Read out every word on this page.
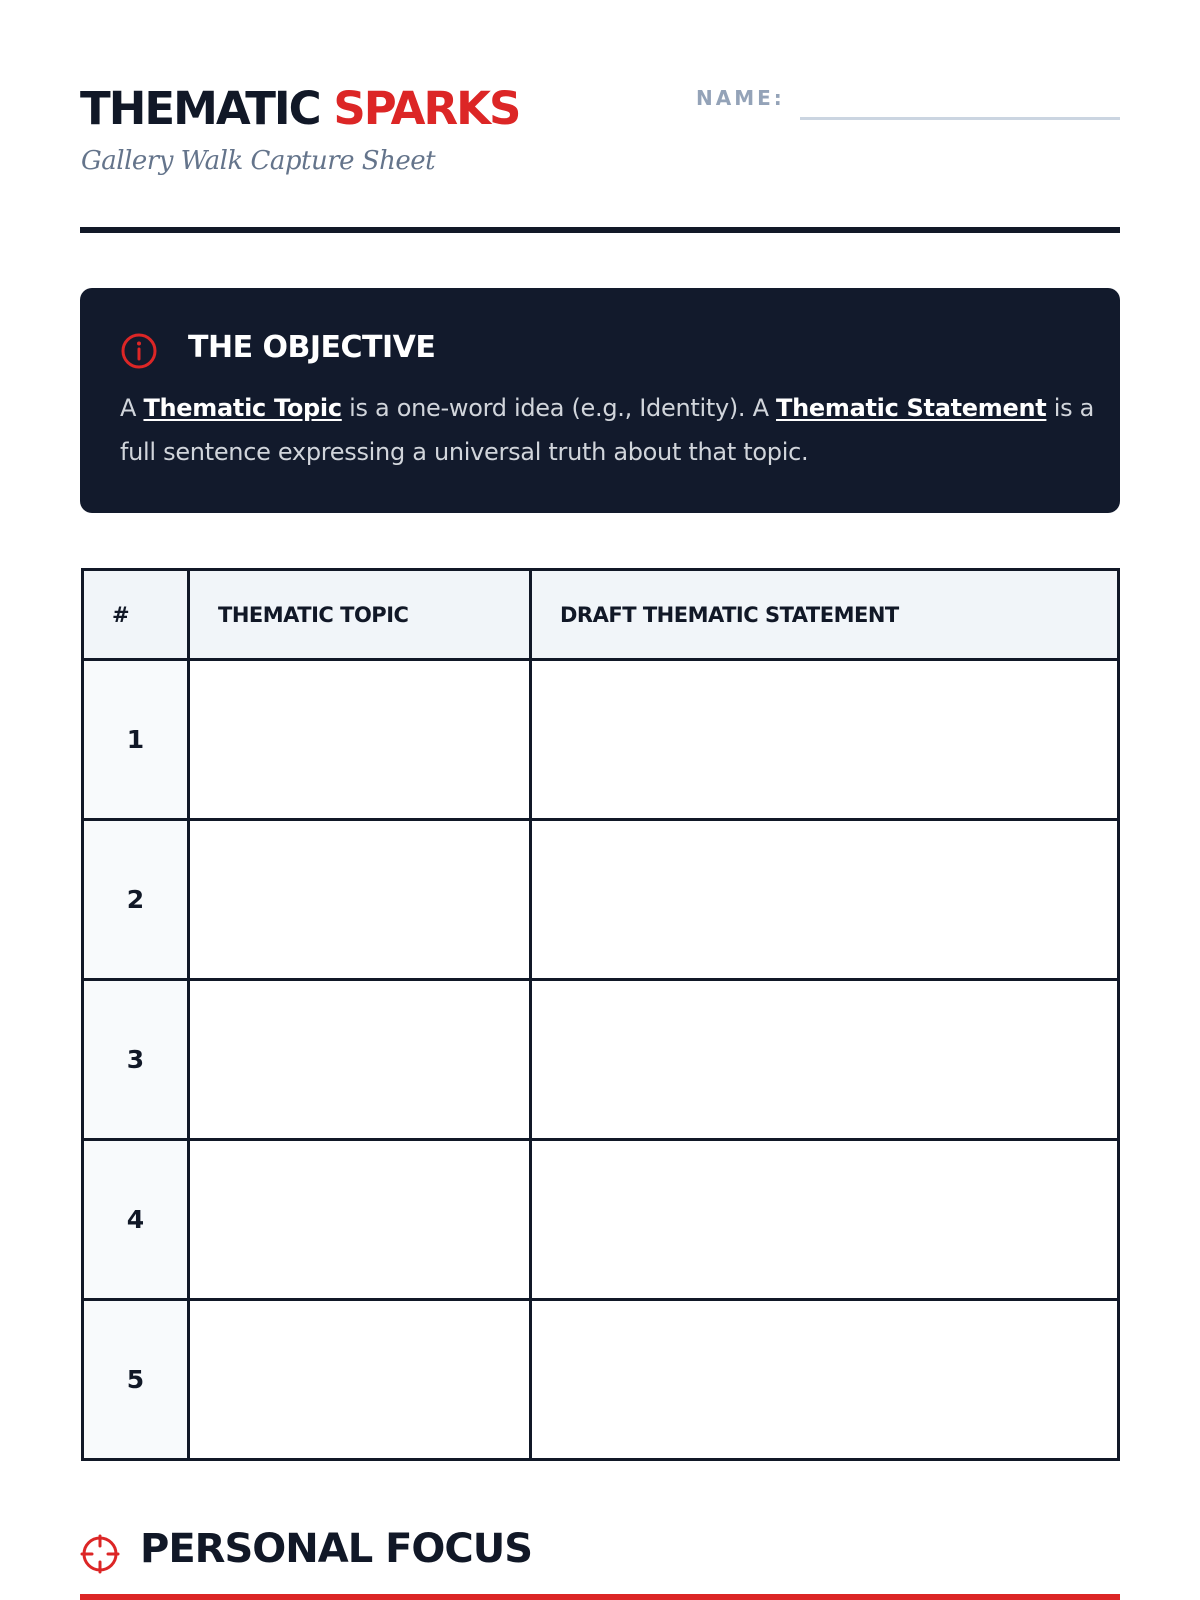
THEMATIC SPARKS
Gallery Walk Capture Sheet
NAME:
THE OBJECTIVE

A Thematic Topic is a one-word idea (e.g., Identity). A Thematic Statement is a full sentence expressing a universal truth about that topic.

#	THEMATIC TOPIC	DRAFT THEMATIC STATEMENT
1		
2		
3		
4		
5		
PERSONAL FOCUS
